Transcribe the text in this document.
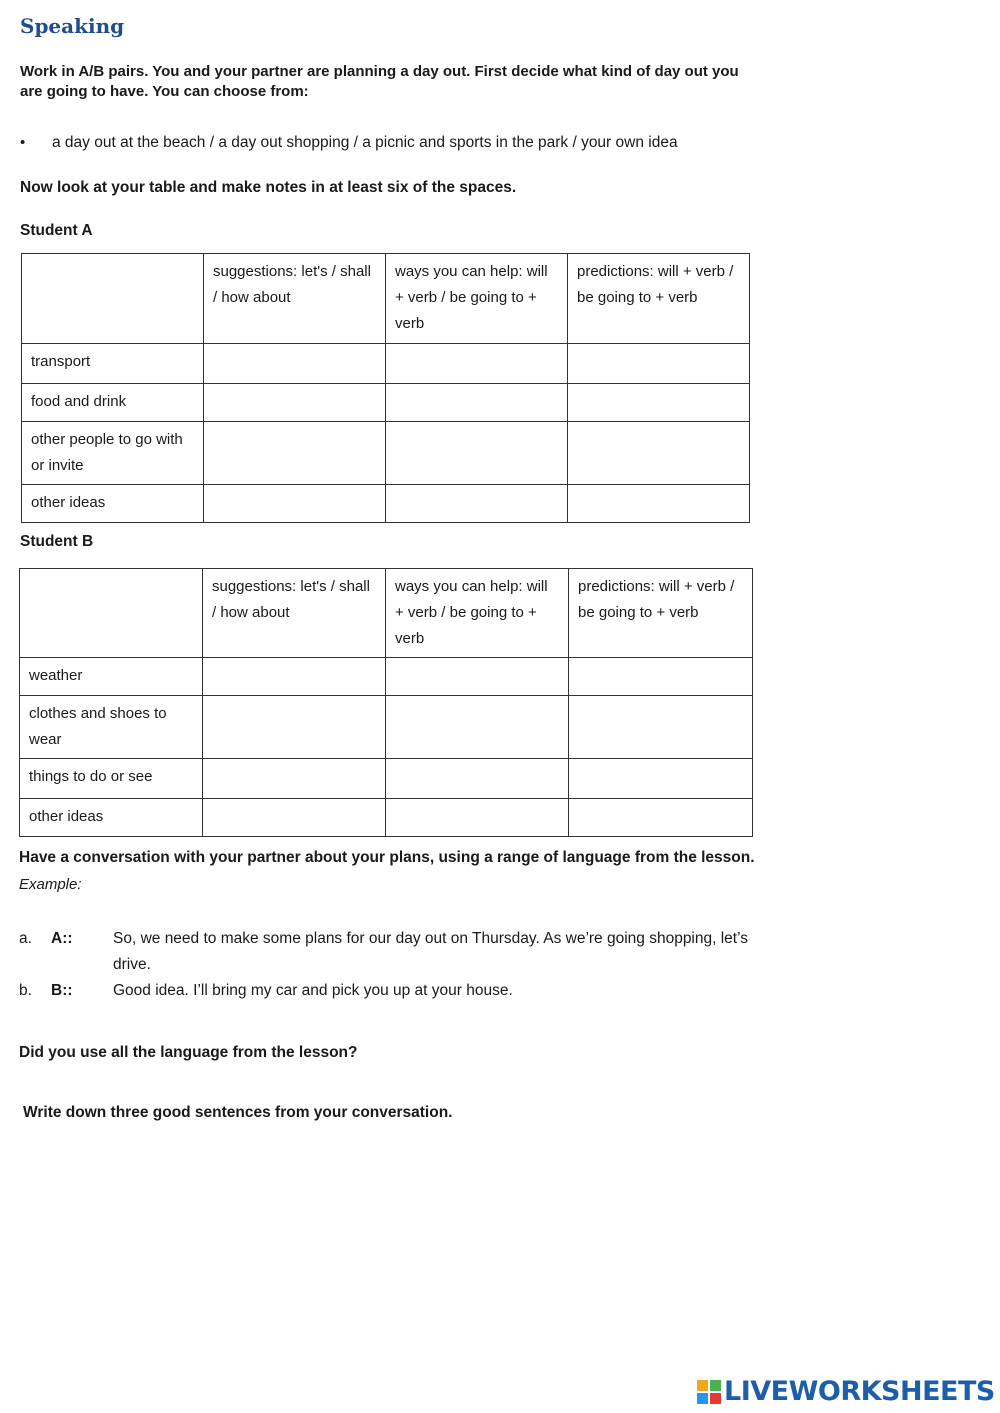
Speaking

Work in A/B pairs. You and your partner are planning a day out. First decide what kind of day out you are going to have. You can choose from:

• a day out at the beach / a day out shopping / a picnic and sports in the park / your own idea

Now look at your table and make notes in at least six of the spaces.

Student A

	suggestions: let's / shall / how about	ways you can help: will + verb / be going to + verb	predictions: will + verb / be going to + verb
transport			
food and drink			
other people to go with or invite			
other ideas			

Student B

	suggestions: let's / shall / how about	ways you can help: will + verb / be going to + verb	predictions: will + verb / be going to + verb
weather			
clothes and shoes to wear			
things to do or see			
other ideas			

Have a conversation with your partner about your plans, using a range of language from the lesson.

Example:

a.	A::	So, we need to make some plans for our day out on Thursday. As we’re going shopping, let’s drive.
b.	B::	Good idea. I’ll bring my car and pick you up at your house.

Did you use all the language from the lesson?

Write down three good sentences from your conversation.

LIVEWORKSHEETS
